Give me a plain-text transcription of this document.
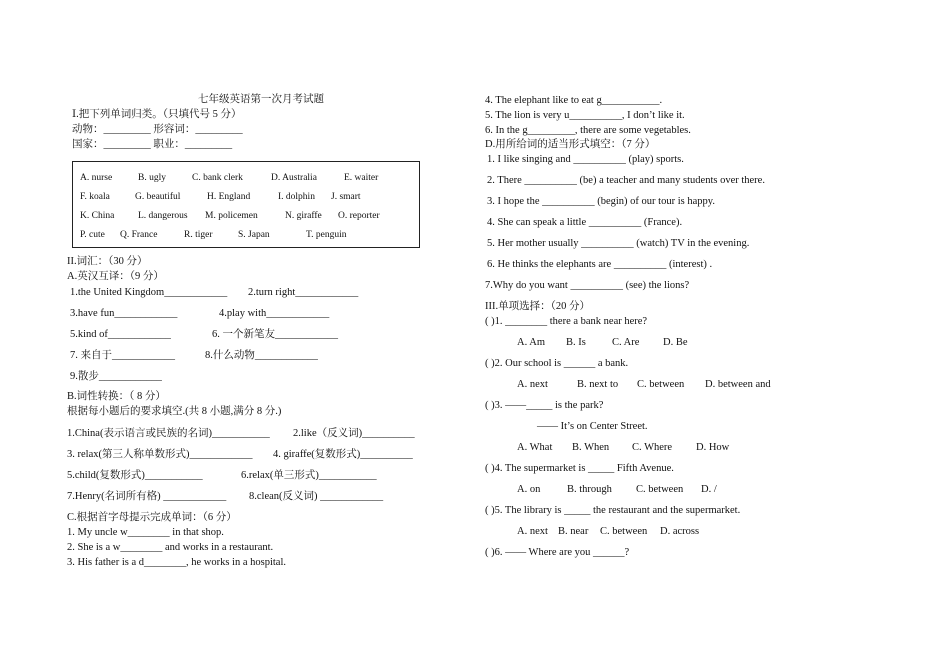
七年级英语第一次月考试题
Ⅰ.把下列单词归类。（只填代号 5 分）
动物：_________ 形容词：_________
国家：_________ 职业：_________
A. nurse	B. ugly	C. bank clerk	D. Australia	E. waiter
F. koala	G. beautiful	H. England	I. dolphin J. smart
K. China L. dangerous M. policemen	N. giraffe O. reporter
P. cute Q. France	R. tiger	S. Japan	T. penguin
II.词汇：（30 分）
A.英汉互译：（9 分）
1.the United Kingdom____________ 2.turn right____________
3.have fun____________	4.play with____________
5.kind of____________	6. 一个新笔友____________
7. 来自于____________	8.什么动物____________
9.散步____________
B.词性转换：（ 8 分）
根据每小题后的要求填空.(共 8 小题,满分 8 分.)
1.China(表示语言或民族的名词)___________ 2.like（反义词)__________
3. relax(第三人称单数形式)____________ 4. giraffe(复数形式)__________
5.child(复数形式)___________	6.relax(单三形式)___________
7.Henry(名词所有格) ____________ 8.clean(反义词) ____________
C.根据首字母提示完成单词：（6 分）
1. My uncle w________ in that shop.
2. She is a w________ and works in a restaurant.
3. His father is a d________, he works in a hospital.
4. The elephant like to eat g___________.
5. The lion is very u__________, I don’t like it.
6. In the g_________, there are some vegetables.
D.用所给词的适当形式填空：（7 分）
1. I like singing and __________ (play) sports.
2. There __________ (be) a teacher and many students over there.
3. I hope the __________ (begin) of our tour is happy.
4. She can speak a little __________ (France).
5. Her mother usually __________ (watch) TV in the evening.
6. He thinks the elephants are __________ (interest) .
7.Why do you want __________ (see) the lions?
III.单项选择：（20 分）
( )1. ________ there a bank near here?
A. Am B. Is C. Are D. Be
( )2. Our school is ______ a bank.
A. next	B. next to C. between D. between and
( )3. ——_____ is the park?
—— It’s on Center Street.
A. What B. When C. Where D. How
( )4. The supermarket is _____ Fifth Avenue.
A. on	B. through C. between D. /
( )5. The library is _____ the restaurant and the supermarket.
A. next B. near C. between D. across
( )6. —— Where are you ______?
